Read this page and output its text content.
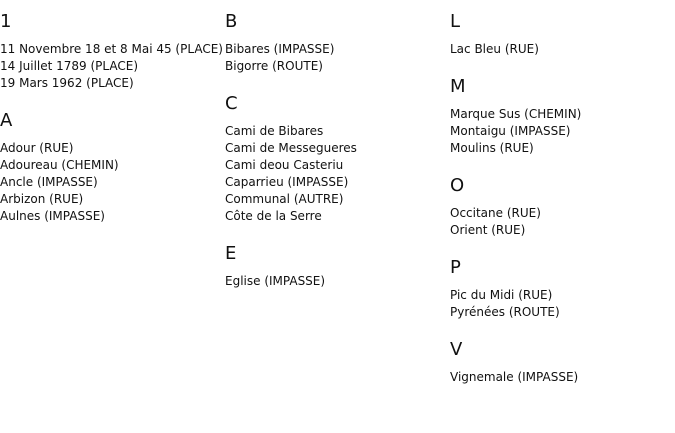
1
11 Novembre 18 et 8 Mai 45 (PLACE)
14 Juillet 1789 (PLACE)
19 Mars 1962 (PLACE)
A
Adour (RUE)
Adoureau (CHEMIN)
Ancle (IMPASSE)
Arbizon (RUE)
Aulnes (IMPASSE)
B
Bibares (IMPASSE)
Bigorre (ROUTE)
C
Cami de Bibares
Cami de Messegueres
Cami deou Casteriu
Caparrieu (IMPASSE)
Communal (AUTRE)
Côte de la Serre
E
Eglise (IMPASSE)
L
Lac Bleu (RUE)
M
Marque Sus (CHEMIN)
Montaigu (IMPASSE)
Moulins (RUE)
O
Occitane (RUE)
Orient (RUE)
P
Pic du Midi (RUE)
Pyrénées (ROUTE)
V
Vignemale (IMPASSE)
